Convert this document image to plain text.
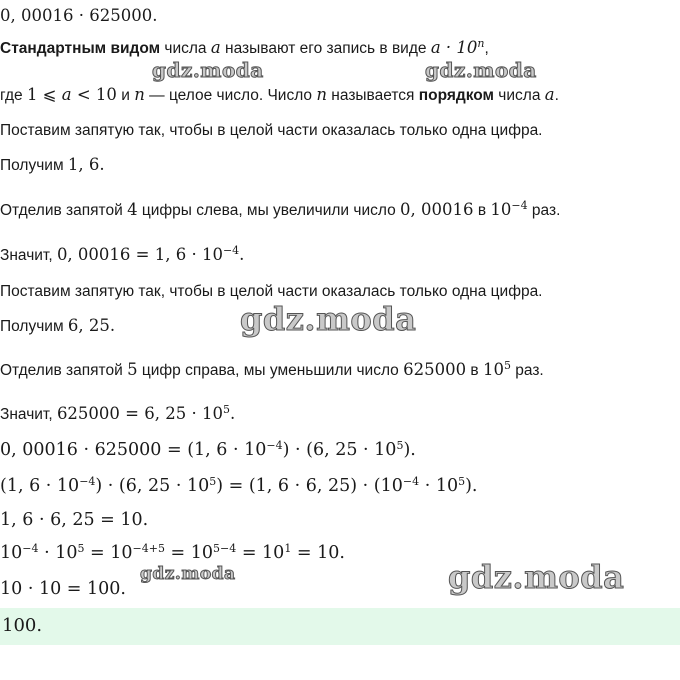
0, 00016 · 625000.
Стандартным видом числа a называют его запись в виде $a \cdot 10^n$,
где 1 ⩽ a < 10 и n — целое число. Число n называется порядком числа a.
Поставим запятую так, чтобы в целой части оказалась только одна цифра.
Получим 1, 6.
Отделив запятой 4 цифры слева, мы увеличили число 0, 00016 в $10^{-4}$ раз.
Значит, 0, 00016 = 1, $6 \cdot 10^{-4}$.
Поставим запятую так, чтобы в целой части оказалась только одна цифра.
Получим 6, 25.
Отделив запятой 5 цифр справа, мы уменьшили число 625000 в $10^5$ раз.
Значит, 625000 = 6, $25 \cdot 10^5$.
0, 00016 · 625000 = (1, $6 \cdot 10^{-4}) \cdot (6$, $25 \cdot 10^5$).
(1, $6 \cdot 10^{-4}) \cdot (6$, $25 \cdot 10^5) = (1$, 6 · 6, $25) \cdot (10^{-4} \cdot 10^5)$.
1, 6 · 6, 25 = 10.
$10^{-4} \cdot 10^5 = 10^{-4+5} = 10^{5-4} = 10^1 = 10$.
10 · 10 = 100.
100.
gdz.moda	gdz.moda
gdz.moda
gdz.moda	gdz.moda
